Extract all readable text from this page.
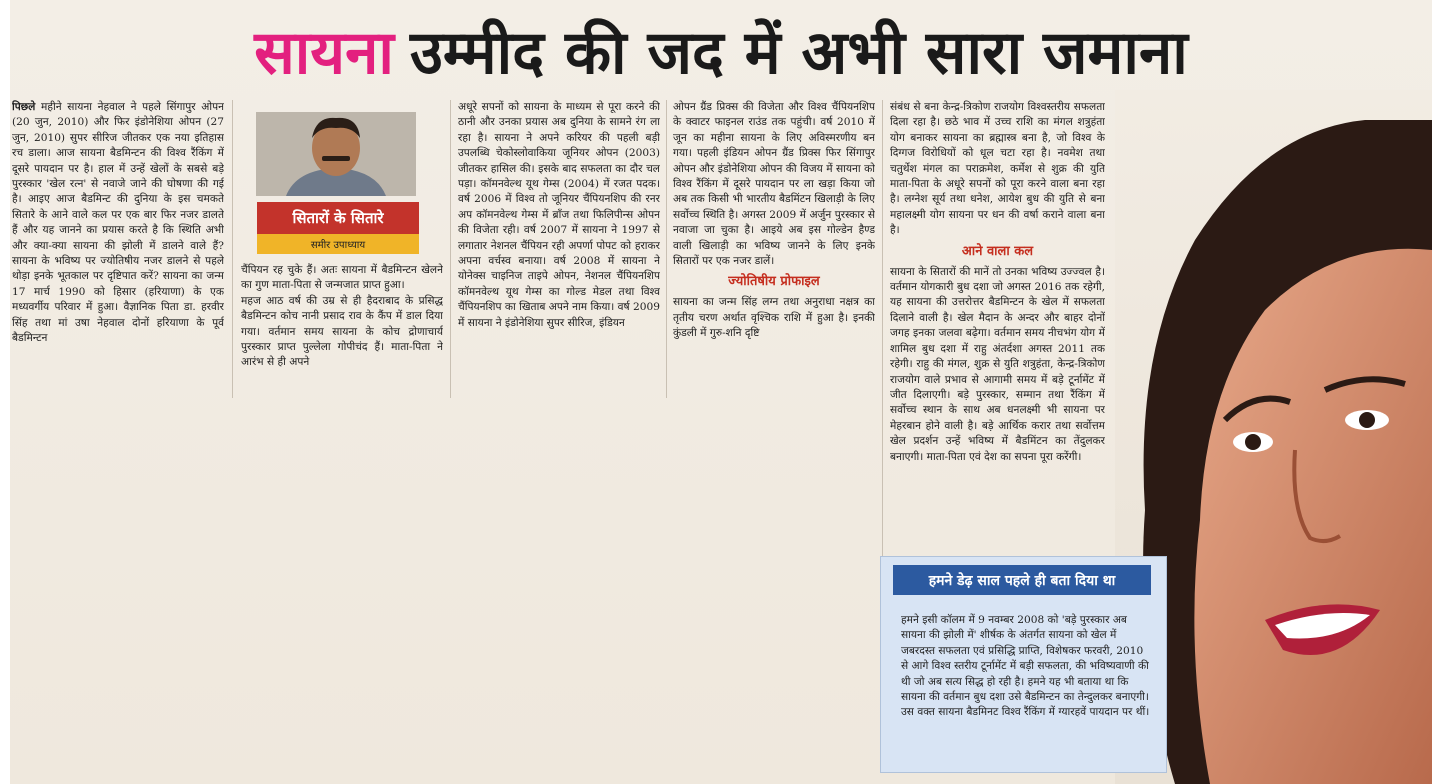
सायना उम्मीद की जद में अभी सारा जमाना

पिछले महीने सायना नेहवाल ने पहले सिंगापुर ओपन (20 जुन, 2010) और फिर इंडोनेशिया ओपन (27 जुन, 2010) सुपर सीरिज जीतकर एक नया इतिहास रच डाला। आज सायना बैडमिन्टन की विश्व रैंकिंग में दूसरे पायदान पर है। हाल में उन्हें खेलों के सबसे बड़े पुरस्कार 'खेल रत्न' से नवाजे जाने की घोषणा की गई है। आइए आज बैडमिन्ट की दुनिया के इस चमकते सितारे के आने वाले कल पर एक बार फिर नजर डालते हैं और यह जानने का प्रयास करते है कि स्थिति अभी और क्या-क्या सायना की झोली में डालने वाले हैं? सायना के भविष्य पर ज्योतिषीय नजर डालने से पहले थोड़ा इनके भूतकाल पर दृष्टिपात करें? सायना का जन्म 17 मार्च 1990 को हिसार (हरियाणा) के एक मध्यवर्गीय परिवार में हुआ। वैज्ञानिक पिता डा. हरवीर सिंह तथा मां उषा नेहवाल दोनों हरियाणा के पूर्व बैडमिन्टन

सितारों के सितारे
समीर उपाध्याय

चैंपियन रह चुके हैं। अतः सायना में बैडमिन्टन खेलने का गुण माता-पिता से जन्मजात प्राप्त हुआ।

महज आठ वर्ष की उम्र से ही हैदराबाद के प्रसिद्ध बैडमिन्टन कोच नानी प्रसाद राव के कैंप में डाल दिया गया। वर्तमान समय सायना के कोच द्रोणाचार्य पुरस्कार प्राप्त पुल्लेला गोपीचंद हैं। माता-पिता ने आरंभ से ही अपने

अधूरे सपनों को सायना के माध्यम से पूरा करने की ठानी और उनका प्रयास अब दुनिया के सामने रंग ला रहा है। सायना ने अपने करियर की पहली बड़ी उपलब्धि चेकोस्लोवाकिया जूनियर ओपन (2003) जीतकर हासिल की। इसके बाद सफलता का दौर चल पड़ा। कॉमनवेल्थ यूथ गेम्स (2004) में रजत पदक। वर्ष 2006 में विश्व तो जूनियर चैंपियनशिप की रनर अप कॉमनवेल्थ गेम्स में ब्रॉंज तथा फिलिपीन्स ओपन की विजेता रही। वर्ष 2007 में सायना ने 1997 से लगातार नेशनल चैंपियन रही अपर्णा पोपट को हराकर अपना वर्चस्व बनाया। वर्ष 2008 में सायना ने योनेक्स चाइनिज ताइपे ओपन, नेशनल चैंपियनशिप कॉमनवेल्थ यूथ गेम्स का गोल्ड मेडल तथा विश्व चैंपियनशिप का खिताब अपने नाम किया। वर्ष 2009 में सायना ने इंडोनेशिया सुपर सीरिज, इंडियन

ओपन ग्रैंड प्रिक्स की विजेता और विश्व चैंपियनशिप के क्वाटर फाइनल राउंड तक पहुंची। वर्ष 2010 में जून का महीना सायना के लिए अविस्मरणीय बन गया। पहली इंडियन ओपन ग्रैंड प्रिक्स फिर सिंगापुर ओपन और इंडोनेशिया ओपन की विजय में सायना को विश्व रैंकिंग में दूसरे पायदान पर ला खड़ा किया जो अब तक किसी भी भारतीय बैडमिंटन खिलाड़ी के लिए सर्वोच्च स्थिति है। अगस्त 2009 में अर्जुन पुरस्कार से नवाजा जा चुका है। आइये अब इस गोल्डेन हैण्ड वाली खिलाड़ी का भविष्य जानने के लिए इनके सितारों पर एक नजर डालें।

ज्योतिषीय प्रोफाइल

सायना का जन्म सिंह लग्न तथा अनुराधा नक्षत्र का तृतीय चरण अर्थात वृश्चिक राशि में हुआ है। इनकी कुंडली में गुरु-शनि दृष्टि

संबंध से बना केन्द्र-त्रिकोण राजयोग विश्वस्तरीय सफलता दिला रहा है। छठे भाव में उच्च राशि का मंगल शत्रुहंता योग बनाकर सायना का ब्रह्मास्त्र बना है, जो विश्व के दिग्गज विरोधियों को धूल चटा रहा है। नवमेश तथा चतुर्थेश मंगल का पराक्रमेश, कर्मेश से शुक्र की युति माता-पिता के अधूरे सपनों को पूरा करने वाला बना रहा है। लग्नेश सूर्य तथा धनेश, आयेश बुध की युति से बना महालक्ष्मी योग सायना पर धन की वर्षा कराने वाला बना है।

आने वाला कल

सायना के सितारों की मानें तो उनका भविष्य उज्ज्वल है। वर्तमान योगकारी बुध दशा जो अगस्त 2016 तक रहेगी, यह सायना की उत्तरोत्तर बैडमिन्टन के खेल में सफलता दिलाने वाली है। खेल मैदान के अन्दर और बाहर दोनों जगह इनका जलवा बढ़ेगा। वर्तमान समय नीचभंग योग में शामिल बुध दशा में राहु अंतर्दशा अगस्त 2011 तक रहेगी। राहु की मंगल, शुक्र से युति शत्रुहंता, केन्द्र-त्रिकोण राजयोग वाले प्रभाव से आगामी समय में बड़े टूर्नामेंट में जीत दिलाएगी। बड़े पुरस्कार, सम्मान तथा रैंकिंग में सर्वोच्च स्थान के साथ अब धनलक्ष्मी भी सायना पर मेहरबान होने वाली है। बड़े आर्थिक करार तथा सर्वोत्तम खेल प्रदर्शन उन्हें भविष्य में बैडमिंटन का तेंदुलकर बनाएगी। माता-पिता एवं देश का सपना पूरा करेंगी।

हमने डेढ़ साल पहले ही बता दिया था
हमने इसी कॉलम में 9 नवम्बर 2008 को 'बड़े पुरस्कार अब सायना की झोली में' शीर्षक के अंतर्गत सायना को खेल में जबरदस्त सफलता एवं प्रसिद्धि प्राप्ति, विशेषकर फरवरी, 2010 से आगे विश्व स्तरीय टूर्नामेंट में बड़ी सफलता, की भविष्यवाणी की थी जो अब सत्य सिद्ध हो रही है। हमने यह भी बताया था कि सायना की वर्तमान बुध दशा उसे बैडमिन्टन का तेन्दुलकर बनाएगी। उस वक्त सायना बैडमिनट विश्व रैंकिंग में ग्यारहवें पायदान पर थीं।
